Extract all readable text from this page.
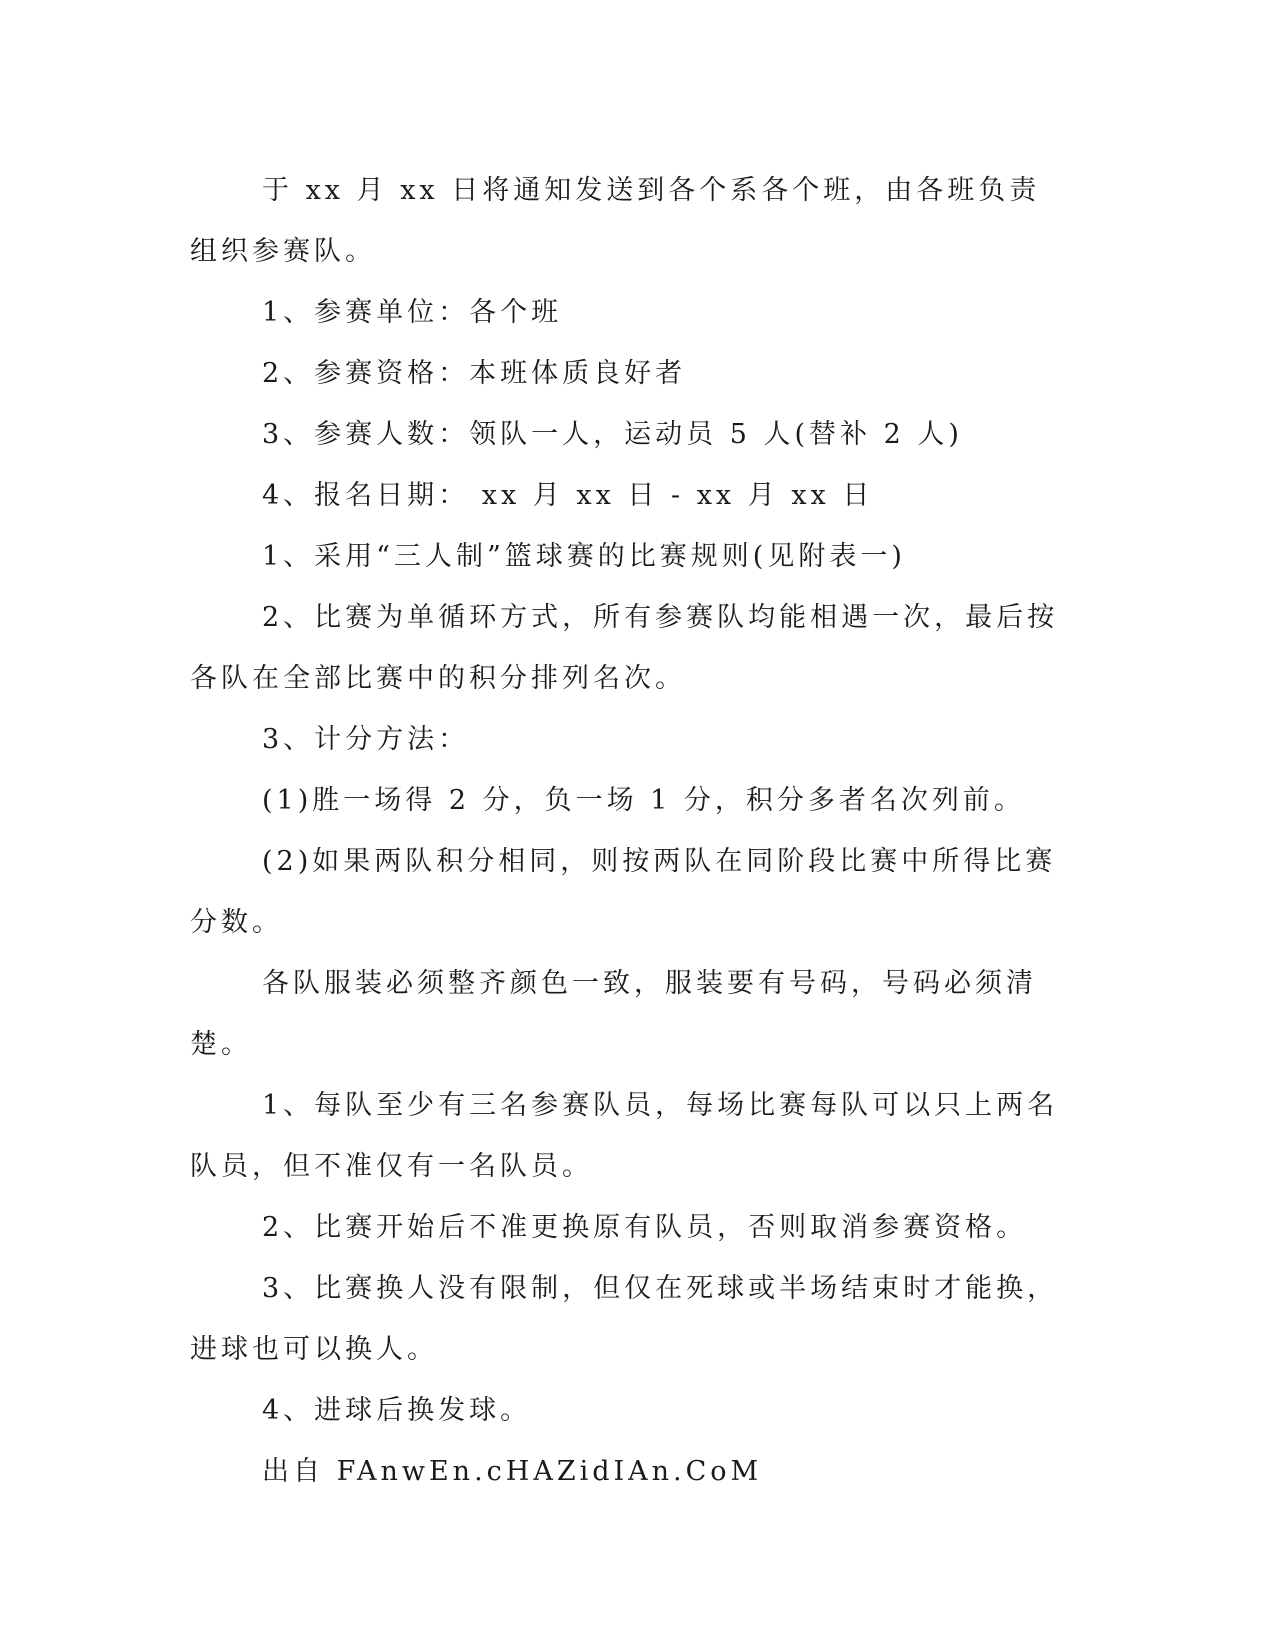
于 xx 月 xx 日将通知发送到各个系各个班，由各班负责组织参赛队。

1、参赛单位：各个班

2、参赛资格：本班体质良好者

3、参赛人数：领队一人，运动员 5 人(替补 2 人)

4、报名日期： xx 月 xx 日 - xx 月 xx 日

1、采用“三人制”篮球赛的比赛规则(见附表一)

2、比赛为单循环方式，所有参赛队均能相遇一次，最后按各队在全部比赛中的积分排列名次。

3、计分方法：

(1)胜一场得 2 分，负一场 1 分，积分多者名次列前。

(2)如果两队积分相同，则按两队在同阶段比赛中所得比赛分数。

各队服装必须整齐颜色一致，服装要有号码，号码必须清楚。

1、每队至少有三名参赛队员，每场比赛每队可以只上两名队员，但不准仅有一名队员。

2、比赛开始后不准更换原有队员，否则取消参赛资格。

3、比赛换人没有限制，但仅在死球或半场结束时才能换，进球也可以换人。

4、进球后换发球。

出自 FAnwEn.cHAZidIAn.CoM
